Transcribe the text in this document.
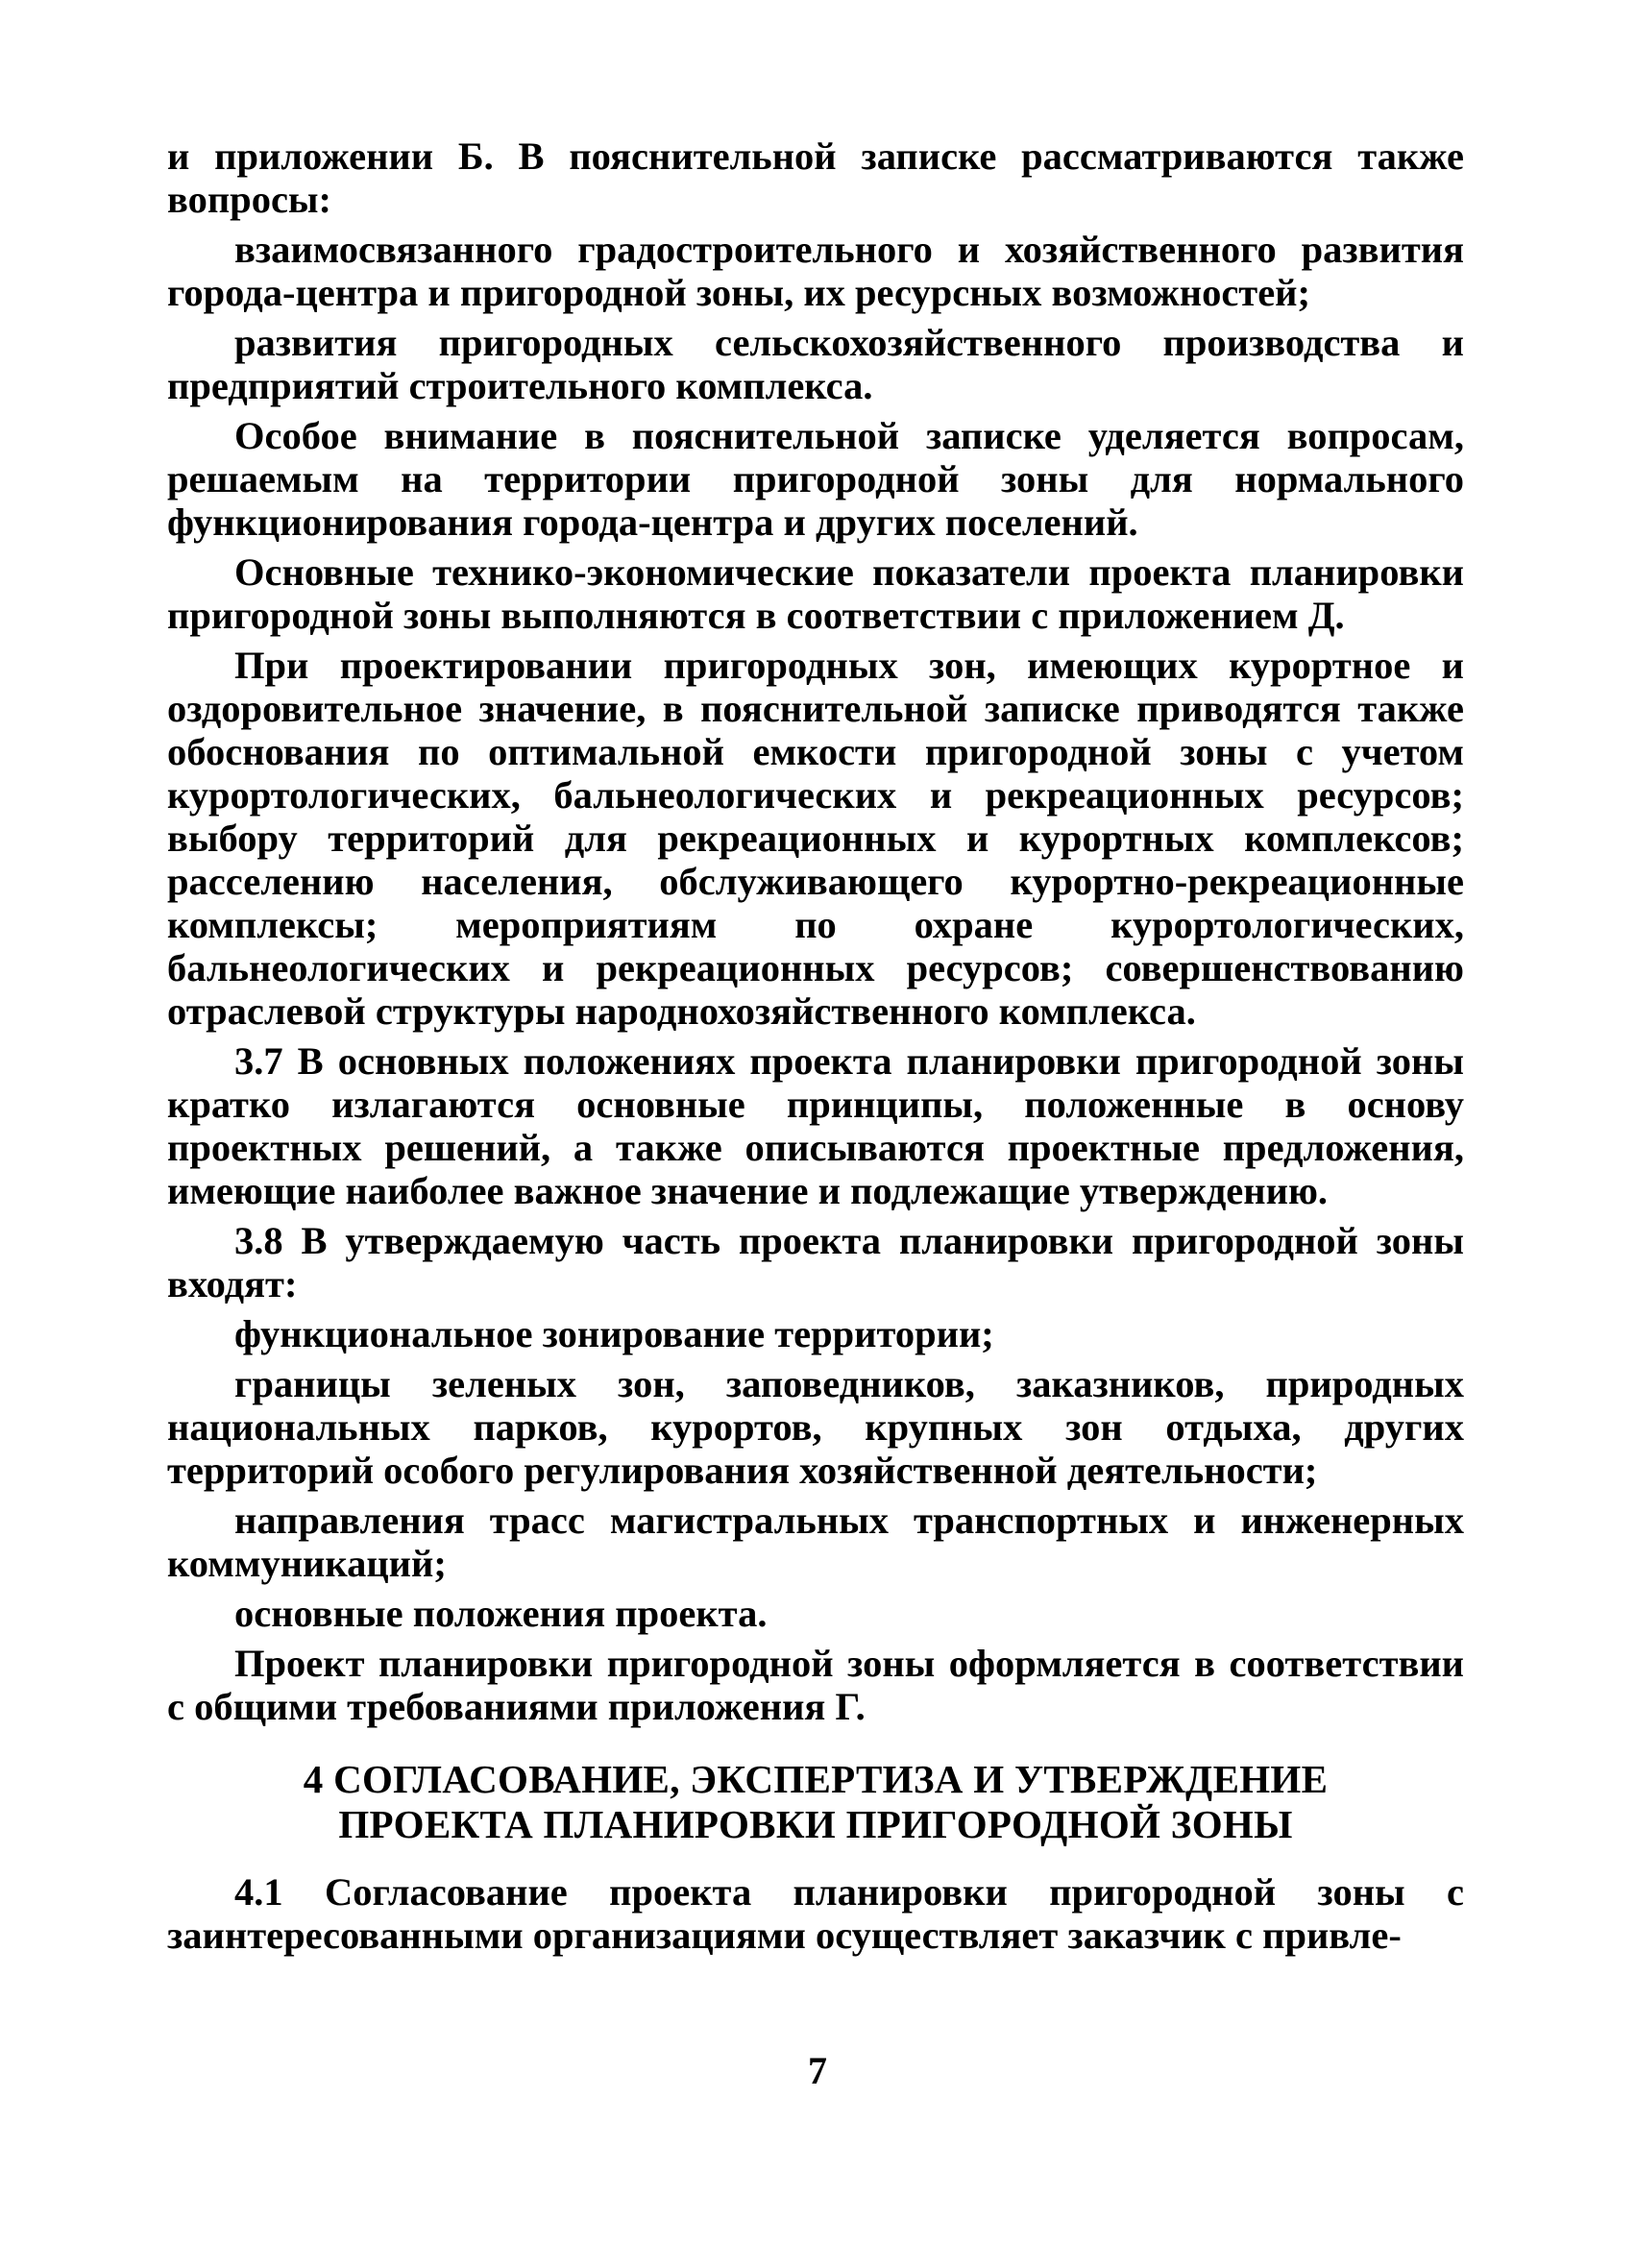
и приложении Б. В пояснительной записке рассматриваются также вопросы:

взаимосвязанного градостроительного и хозяйственного развития города-центра и пригородной зоны, их ресурсных возможностей;

развития пригородных сельскохозяйственного производства и предприятий строительного комплекса.

Особое внимание в пояснительной записке уделяется вопросам, решаемым на территории пригородной зоны для нормального функционирования города-центра и других поселений.

Основные технико-экономические показатели проекта планировки пригородной зоны выполняются в соответствии с приложением Д.

При проектировании пригородных зон, имеющих курортное и оздоровительное значение, в пояснительной записке приводятся также обоснования по оптимальной емкости пригородной зоны с учетом курортологических, бальнеологических и рекреационных ресурсов; выбору территорий для рекреационных и курортных комплексов; расселению населения, обслуживающего курортно-рекреационные комплексы; мероприятиям по охране курортологических, бальнеологических и рекреационных ресурсов; совершенствованию отраслевой структуры народнохозяйственного комплекса.

3.7 В основных положениях проекта планировки пригородной зоны кратко излагаются основные принципы, положенные в основу проектных решений, а также описываются проектные предложения, имеющие наиболее важное значение и подлежащие утверждению.

3.8 В утверждаемую часть проекта планировки пригородной зоны входят:

функциональное зонирование территории;

границы зеленых зон, заповедников, заказников, природных национальных парков, курортов, крупных зон отдыха, других территорий особого регулирования хозяйственной деятельности;

направления трасс магистральных транспортных и инженерных коммуникаций;

основные положения проекта.

Проект планировки пригородной зоны оформляется в соответствии с общими требованиями приложения Г.

4 СОГЛАСОВАНИЕ, ЭКСПЕРТИЗА И УТВЕРЖДЕНИЕ
ПРОЕКТА ПЛАНИРОВКИ ПРИГОРОДНОЙ ЗОНЫ

4.1 Согласование проекта планировки пригородной зоны с заинтересованными организациями осуществляет заказчик с привле-

7
